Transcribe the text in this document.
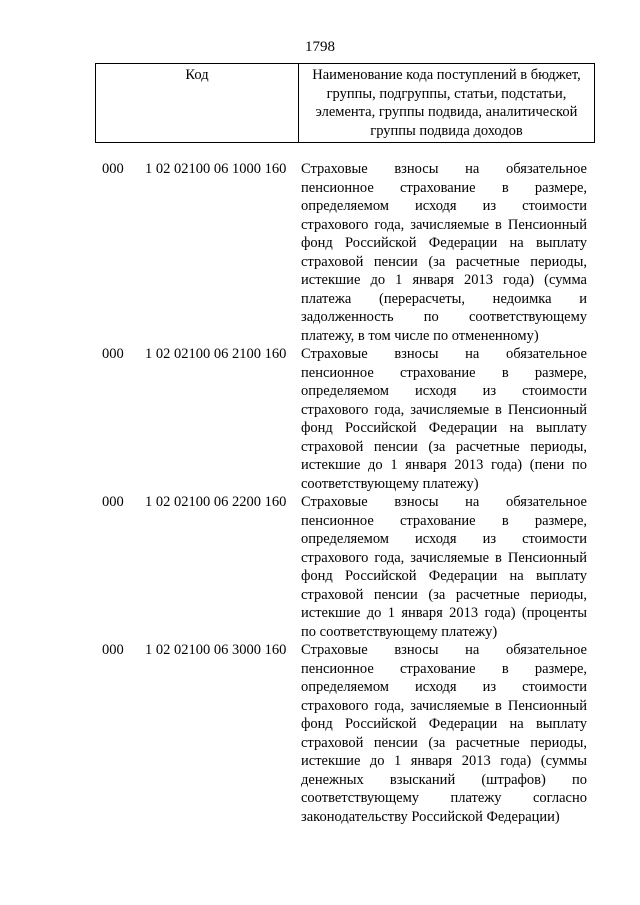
1798
Код	Наименование кода поступлений в бюджет, группы, подгруппы, статьи, подстатьи, элемента, группы подвида, аналитической группы подвида доходов
000 1 02 02100 06 1000 160 Страховые взносы на обязательное пенсионное страхование в размере, определяемом исходя из стоимости страхового года, зачисляемые в Пенсионный фонд Российской Федерации на выплату страховой пенсии (за расчетные периоды, истекшие до 1 января 2013 года) (сумма платежа (перерасчеты, недоимка и задолженность по соответствующему платежу, в том числе по отмененному)
000 1 02 02100 06 2100 160 Страховые взносы на обязательное пенсионное страхование в размере, определяемом исходя из стоимости страхового года, зачисляемые в Пенсионный фонд Российской Федерации на выплату страховой пенсии (за расчетные периоды, истекшие до 1 января 2013 года) (пени по соответствующему платежу)
000 1 02 02100 06 2200 160 Страховые взносы на обязательное пенсионное страхование в размере, определяемом исходя из стоимости страхового года, зачисляемые в Пенсионный фонд Российской Федерации на выплату страховой пенсии (за расчетные периоды, истекшие до 1 января 2013 года) (проценты по соответствующему платежу)
000 1 02 02100 06 3000 160 Страховые взносы на обязательное пенсионное страхование в размере, определяемом исходя из стоимости страхового года, зачисляемые в Пенсионный фонд Российской Федерации на выплату страховой пенсии (за расчетные периоды, истекшие до 1 января 2013 года) (суммы денежных взысканий (штрафов) по соответствующему платежу согласно законодательству Российской Федерации)
